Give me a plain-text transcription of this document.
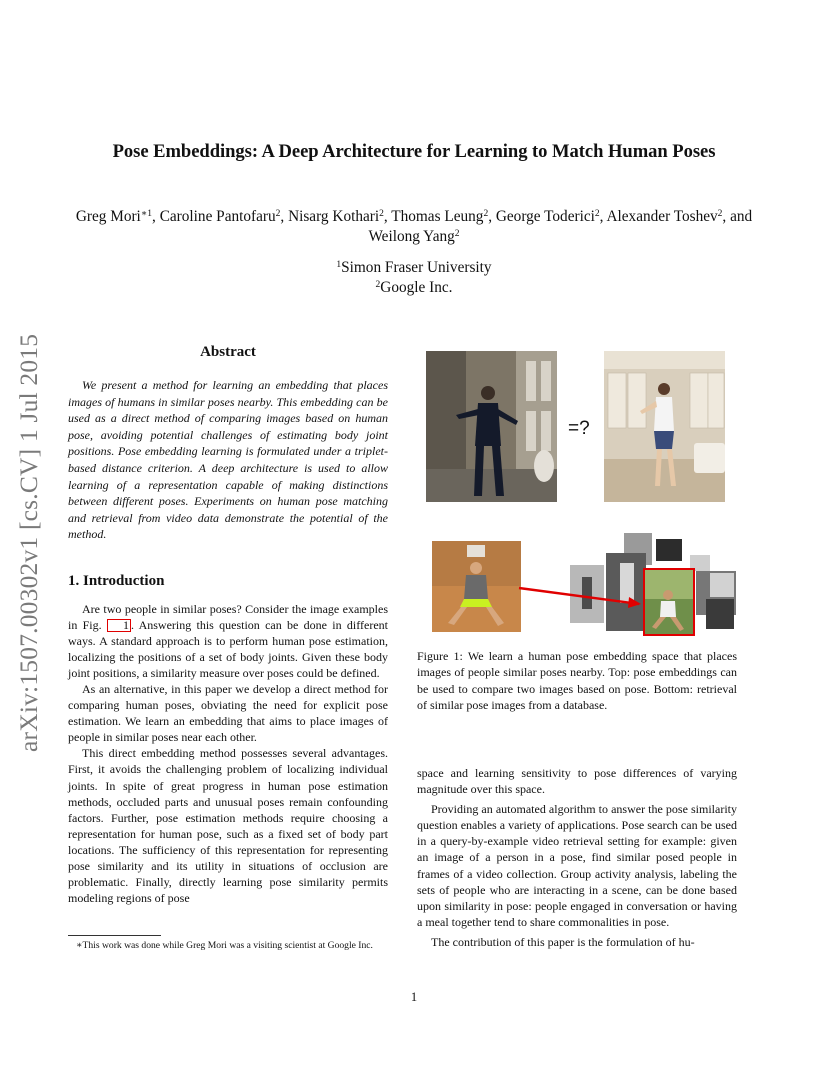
arXiv:1507.00302v1 [cs.CV] 1 Jul 2015
Pose Embeddings: A Deep Architecture for Learning to Match Human Poses
Greg Mori$^{∗1}$, Caroline Pantofaru$^2$, Nisarg Kothari$^2$, Thomas Leung$^2$, George Toderici$^2$, Alexander Toshev$^2$, and Weilong Yang$^2$
$^1$Simon Fraser University
$^2$Google Inc.
Abstract
We present a method for learning an embedding that places images of humans in similar poses nearby. This embedding can be used as a direct method of comparing images based on human pose, avoiding potential challenges of estimating body joint positions. Pose embedding learning is formulated under a triplet-based distance criterion. A deep architecture is used to allow learning of a representation capable of making distinctions between different poses. Experiments on human pose matching and retrieval from video data demonstrate the potential of the method.
1. Introduction

Are two people in similar poses? Consider the image examples in Fig. 1 . Answering this question can be done in different ways. A standard approach is to perform human pose estimation, localizing the positions of a set of body joints. Given these body joint positions, a similarity measure over poses could be defined.

As an alternative, in this paper we develop a direct method for comparing human poses, obviating the need for explicit pose estimation. We learn an embedding that aims to place images of people in similar poses near each other.

This direct embedding method possesses several advantages. First, it avoids the challenging problem of localizing individual joints. In spite of great progress in human pose estimation methods, occluded parts and unusual poses remain confounding factors. Further, pose estimation methods require choosing a representation for human pose, such as a fixed set of body part locations. The sufficiency of this representation for representing pose similarity and its utility in situations of occlusion are problematic. Finally, directly learning pose similarity permits modeling regions of pose

∗This work was done while Greg Mori was a visiting scientist at Google Inc.
=?
Figure 1: We learn a human pose embedding space that places images of people similar poses nearby. Top: pose embeddings can be used to compare two images based on pose. Bottom: retrieval of similar pose images from a database.

space and learning sensitivity to pose differences of varying magnitude over this space.

Providing an automated algorithm to answer the pose similarity question enables a variety of applications. Pose search can be used in a query-by-example video retrieval setting for example: given an image of a person in a pose, find similar posed people in frames of a video collection. Group activity analysis, labeling the sets of people who are interacting in a scene, can be done based upon similarity in pose: people engaged in conversation or having a meal together tend to share commonalities in pose.

The contribution of this paper is the formulation of hu-

1
